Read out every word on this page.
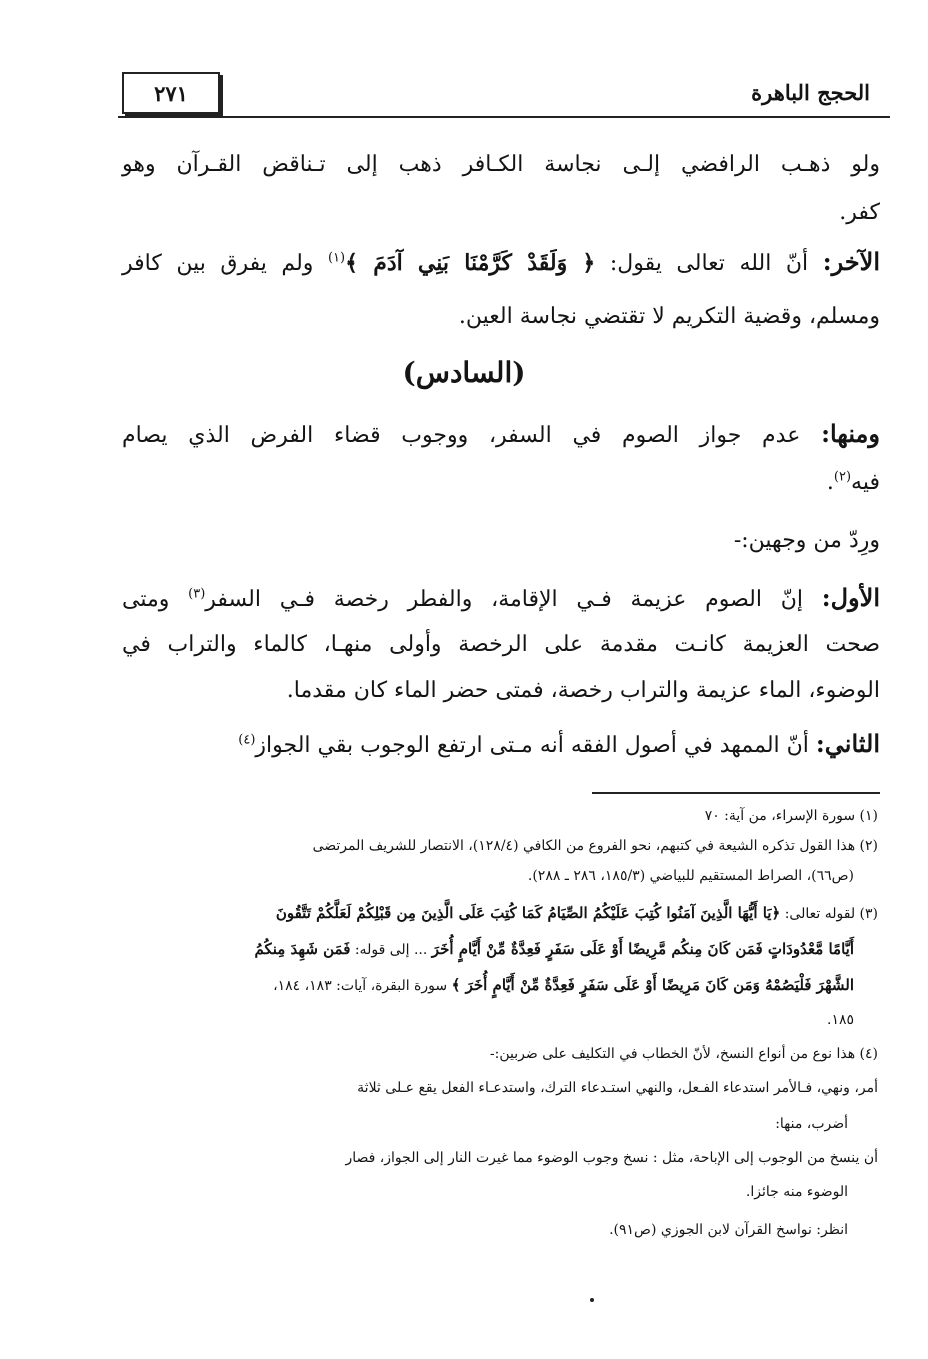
٢٧١	الحجج الباهرة
ولو ذهـب الرافضي إلـى نجاسة الكـافر ذهب إلى تـناقض القـرآن وهو
كفر.
الآخر: أنّ الله تعالى يقول: ﴿ وَلَقَدْ كَرَّمْنَا بَنِي آدَمَ ﴾$^{(١)}$ ولم يفرق بين كافر
ومسلم، وقضية التكريم لا تقتضي نجاسة العين.
(السادس)
ومنها: عدم جواز الصوم في السفر، ووجوب قضاء الفرض الذي يصام
فيه$^{(٢)}$.
ورِدّ من وجهين:-
الأول: إنّ الصوم عزيمة فـي الإقامة، والفطر رخصة فـي السفر$^{(٣)}$ ومتى
صحت العزيمة كانـت مقدمة على الرخصة وأولى منهـا، كالماء والتراب في
الوضوء، الماء عزيمة والتراب رخصة، فمتى حضر الماء كان مقدما.
الثاني: أنّ الممهد في أصول الفقه أنه مـتى ارتفع الوجوب بقي الجواز$^{(٤)}$
(١) سورة الإسراء، من آية: ٧٠
(٢) هذا القول تذكره الشيعة في كتبهم، نحو الفروع من الكافي (١٢٨/٤)، الانتصار للشريف المرتضى
(ص٦٦)، الصراط المستقيم للبياضي (١٨٥/٣، ٢٨٦ ـ ٢٨٨).
(٣) لقوله تعالى: ﴿يَا أَيُّهَا الَّذِينَ آمَنُوا كُتِبَ عَلَيْكُمُ الصِّيَامُ كَمَا كُتِبَ عَلَى الَّذِينَ مِن قَبْلِكُمْ لَعَلَّكُمْ تَتَّقُونَ
أَيَّامًا مَّعْدُودَاتٍ فَمَن كَانَ مِنكُم مَّرِيضًا أَوْ عَلَى سَفَرٍ فَعِدَّةٌ مِّنْ أَيَّامٍ أُخَرَ ... إلى قوله: فَمَن شَهِدَ مِنكُمُ
الشَّهْرَ فَلْيَصُمْهُ وَمَن كَانَ مَرِيضًا أَوْ عَلَى سَفَرٍ فَعِدَّةٌ مِّنْ أَيَّامٍ أُخَرَ ﴾ سورة البقرة، آيات: ١٨٣، ١٨٤،
١٨٥.
(٤) هذا نوع من أنواع النسخ، لأنّ الخطاب في التكليف على ضربين:-
أمر، ونهي، فـالأمر استدعاء الفـعل، والنهي استـدعاء الترك، واستدعـاء الفعل يقع عـلى ثلاثة
أضرب، منها:
أن ينسخ من الوجوب إلى الإباحة، مثل : نسخ وجوب الوضوء مما غيرت النار إلى الجواز، فصار
الوضوء منه جائزا.
انظر: نواسخ القرآن لابن الجوزي (ص٩١).
